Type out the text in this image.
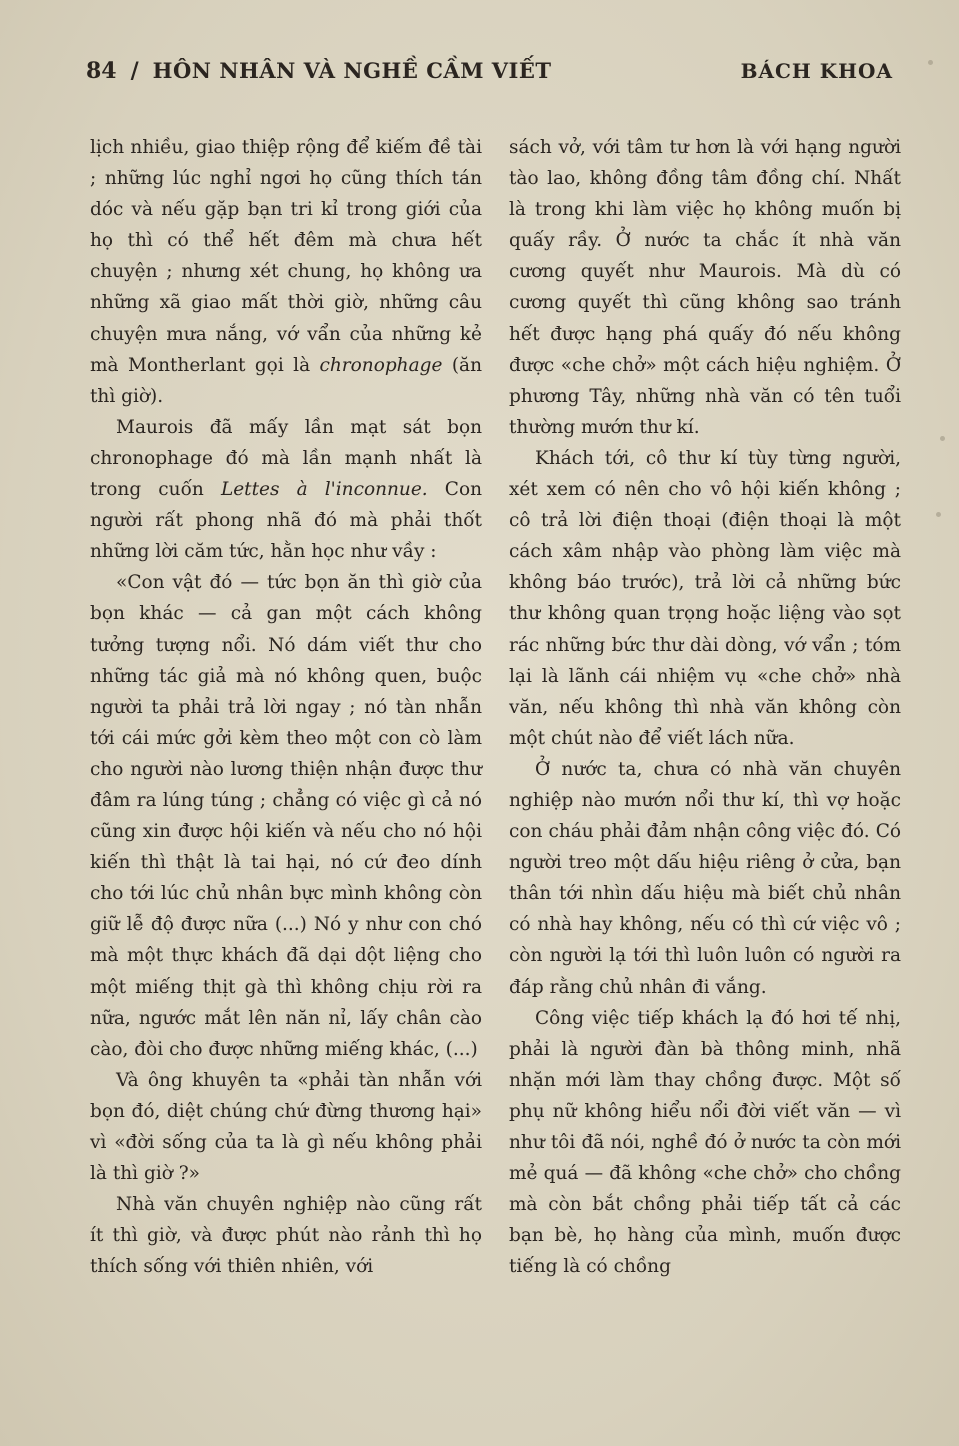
84 / HÔN NHÂN VÀ NGHỀ CẦM VIẾT	BÁCH KHOA

lịch nhiều, giao thiệp rộng để kiếm đề tài ; những lúc nghỉ ngơi họ cũng thích tán dóc và nếu gặp bạn tri kỉ trong giới của họ thì có thể hết đêm mà chưa hết chuyện ; nhưng xét chung, họ không ưa những xã giao mất thời giờ, những câu chuyện mưa nắng, vớ vẩn của những kẻ mà Montherlant gọi là chronophage (ăn thì giờ).

Maurois đã mấy lần mạt sát bọn chronophage đó mà lần mạnh nhất là trong cuốn Lettes à l'inconnue. Con người rất phong nhã đó mà phải thốt những lời căm tức, hằn học như vầy :

«Con vật đó — tức bọn ăn thì giờ của bọn khác — cả gan một cách không tưởng tượng nổi. Nó dám viết thư cho những tác giả mà nó không quen, buộc người ta phải trả lời ngay ; nó tàn nhẫn tới cái mức gởi kèm theo một con cò làm cho người nào lương thiện nhận được thư đâm ra lúng túng ; chẳng có việc gì cả nó cũng xin được hội kiến và nếu cho nó hội kiến thì thật là tai hại, nó cứ đeo dính cho tới lúc chủ nhân bực mình không còn giữ lễ độ được nữa (...) Nó y như con chó mà một thực khách đã dại dột liệng cho một miếng thịt gà thì không chịu rời ra nữa, ngước mắt lên năn nỉ, lấy chân cào cào, đòi cho được những miếng khác, (...)

Và ông khuyên ta «phải tàn nhẫn với bọn đó, diệt chúng chứ đừng thương hại» vì «đời sống của ta là gì nếu không phải là thì giờ ?»

Nhà văn chuyên nghiệp nào cũng rất ít thì giờ, và được phút nào rảnh thì họ thích sống với thiên nhiên, với

sách vở, với tâm tư hơn là với hạng người tào lao, không đồng tâm đồng chí. Nhất là trong khi làm việc họ không muốn bị quấy rầy. Ở nước ta chắc ít nhà văn cương quyết như Maurois. Mà dù có cương quyết thì cũng không sao tránh hết được hạng phá quấy đó nếu không được «che chở» một cách hiệu nghiệm. Ở phương Tây, những nhà văn có tên tuổi thường mướn thư kí.

Khách tới, cô thư kí tùy từng người, xét xem có nên cho vô hội kiến không ; cô trả lời điện thoại (điện thoại là một cách xâm nhập vào phòng làm việc mà không báo trước), trả lời cả những bức thư không quan trọng hoặc liệng vào sọt rác những bức thư dài dòng, vớ vẩn ; tóm lại là lãnh cái nhiệm vụ «che chở» nhà văn, nếu không thì nhà văn không còn một chút nào để viết lách nữa.

Ở nước ta, chưa có nhà văn chuyên nghiệp nào mướn nổi thư kí, thì vợ hoặc con cháu phải đảm nhận công việc đó. Có người treo một dấu hiệu riêng ở cửa, bạn thân tới nhìn dấu hiệu mà biết chủ nhân có nhà hay không, nếu có thì cứ việc vô ; còn người lạ tới thì luôn luôn có người ra đáp rằng chủ nhân đi vắng.

Công việc tiếp khách lạ đó hơi tế nhị, phải là người đàn bà thông minh, nhã nhặn mới làm thay chồng được. Một số phụ nữ không hiểu nổi đời viết văn — vì như tôi đã nói, nghề đó ở nước ta còn mới mẻ quá — đã không «che chở» cho chồng mà còn bắt chồng phải tiếp tất cả các bạn bè, họ hàng của mình, muốn được tiếng là có chồng
